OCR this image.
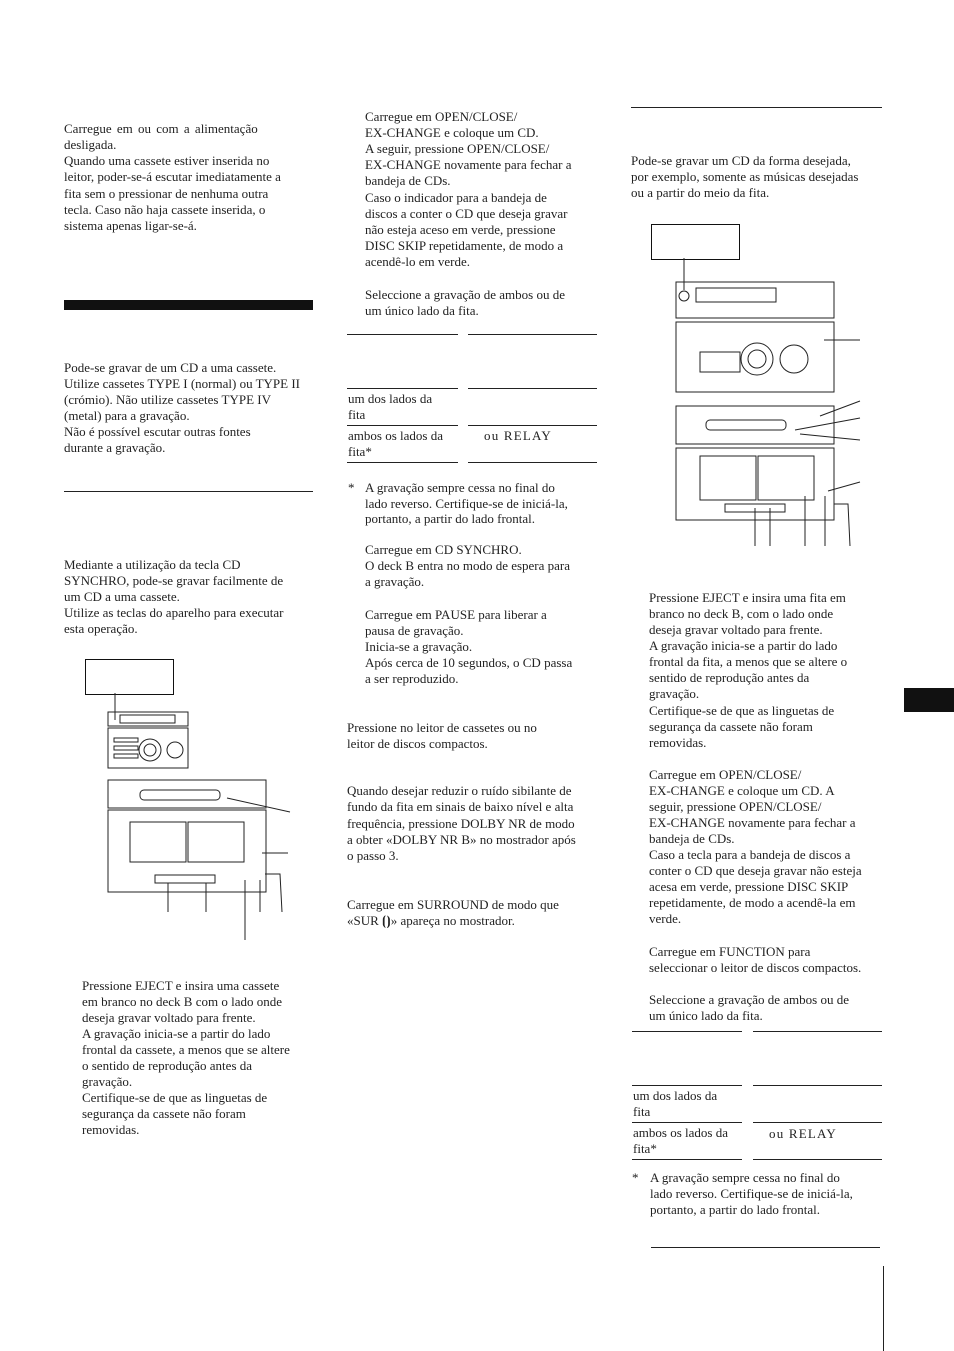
Carregue em ou com a alimentação

desligada.

Quando uma cassete estiver inserida no

leitor, poder-se-á escutar imediatamente a

fita sem o pressionar de nenhuma outra

tecla. Caso não haja cassete inserida, o

sistema apenas ligar-se-á.

Pode-se gravar de um CD a uma cassete.

Utilize cassetes TYPE I (normal) ou TYPE II

(crómio). Não utilize cassetes TYPE IV

(metal) para a gravação.

Não é possível escutar outras fontes

durante a gravação.

Mediante a utilização da tecla CD

SYNCHRO, pode-se gravar facilmente de

um CD a uma cassete.

Utilize as teclas do aparelho para executar

esta operação.

Pressione EJECT e insira uma cassete

em branco no deck B com o lado onde

deseja gravar voltado para frente.

A gravação inicia-se a partir do lado

frontal da cassete, a menos que se altere

o sentido de reprodução antes da

gravação.

Certifique-se de que as linguetas de

segurança da cassete não foram

removidas.

Carregue em OPEN/CLOSE/

EX-CHANGE e coloque um CD.

A seguir, pressione OPEN/CLOSE/

EX-CHANGE novamente para fechar a

bandeja de CDs.

Caso o indicador para a bandeja de

discos a conter o CD que deseja gravar

não esteja aceso em verde, pressione

DISC SKIP repetidamente, de modo a

acendê-lo em verde.

Seleccione a gravação de ambos ou de

um único lado da fita.

um dos lados da

fita

ambos os lados da

fita*

ou RELAY

* A gravação sempre cessa no final do

lado reverso. Certifique-se de iniciá-la,

portanto, a partir do lado frontal.

Carregue em CD SYNCHRO.

O deck B entra no modo de espera para

a gravação.

Carregue em PAUSE para liberar a

pausa de gravação.

Inicia-se a gravação.

Após cerca de 10 segundos, o CD passa

a ser reproduzido.

Pressione no leitor de cassetes ou no

leitor de discos compactos.

Quando desejar reduzir o ruído sibilante de

fundo da fita em sinais de baixo nível e alta

frequência, pressione DOLBY NR de modo

a obter «DOLBY NR B» no mostrador após

o passo 3.

Carregue em SURROUND de modo que

«SUR ⦗⦘» apareça no mostrador.

Pode-se gravar um CD da forma desejada,

por exemplo, somente as músicas desejadas

ou a partir do meio da fita.

Pressione EJECT e insira uma fita em

branco no deck B, com o lado onde

deseja gravar voltado para frente.

A gravação inicia-se a partir do lado

frontal da fita, a menos que se altere o

sentido de reprodução antes da

gravação.

Certifique-se de que as linguetas de

segurança da cassete não foram

removidas.

Carregue em OPEN/CLOSE/

EX-CHANGE e coloque um CD. A

seguir, pressione OPEN/CLOSE/

EX-CHANGE novamente para fechar a

bandeja de CDs.

Caso a tecla para a bandeja de discos a

conter o CD que deseja gravar não esteja

acesa em verde, pressione DISC SKIP

repetidamente, de modo a acendê-la em

verde.

Carregue em FUNCTION para

seleccionar o leitor de discos compactos.

Seleccione a gravação de ambos ou de

um único lado da fita.

um dos lados da

fita

ambos os lados da

fita*

ou RELAY

* A gravação sempre cessa no final do

lado reverso. Certifique-se de iniciá-la,

portanto, a partir do lado frontal.
